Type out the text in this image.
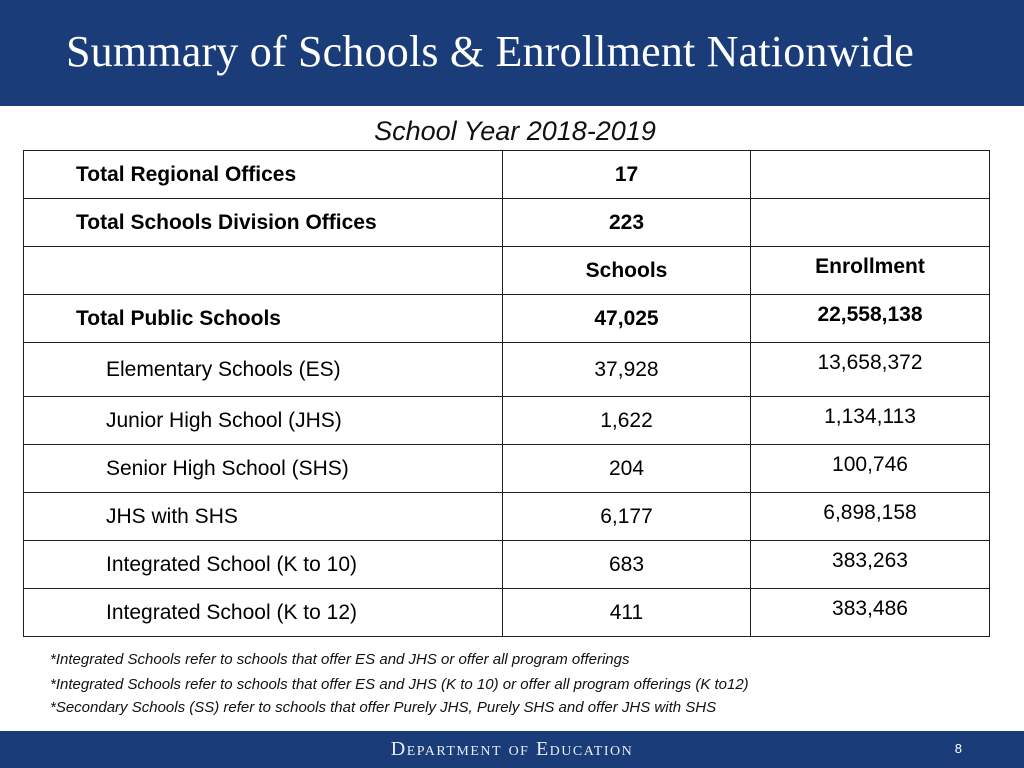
Summary of Schools & Enrollment Nationwide
School Year 2018-2019
Total Regional Offices	17	
Total Schools Division Offices	223	
	Schools	Enrollment
Total Public Schools	47,025	22,558,138
Elementary Schools (ES)	37,928	13,658,372
Junior High School (JHS)	1,622	1,134,113
Senior High School (SHS)	204	100,746
JHS with SHS	6,177	6,898,158
Integrated School (K to 10)	683	383,263
Integrated School (K to 12)	411	383,486
*Integrated Schools refer to schools that offer ES and JHS or offer all program offerings
*Integrated Schools refer to schools that offer ES and JHS (K to 10) or offer all program offerings (K to12)
*Secondary Schools (SS) refer to schools that offer Purely JHS, Purely SHS and offer JHS with SHS
Department of Education	8
